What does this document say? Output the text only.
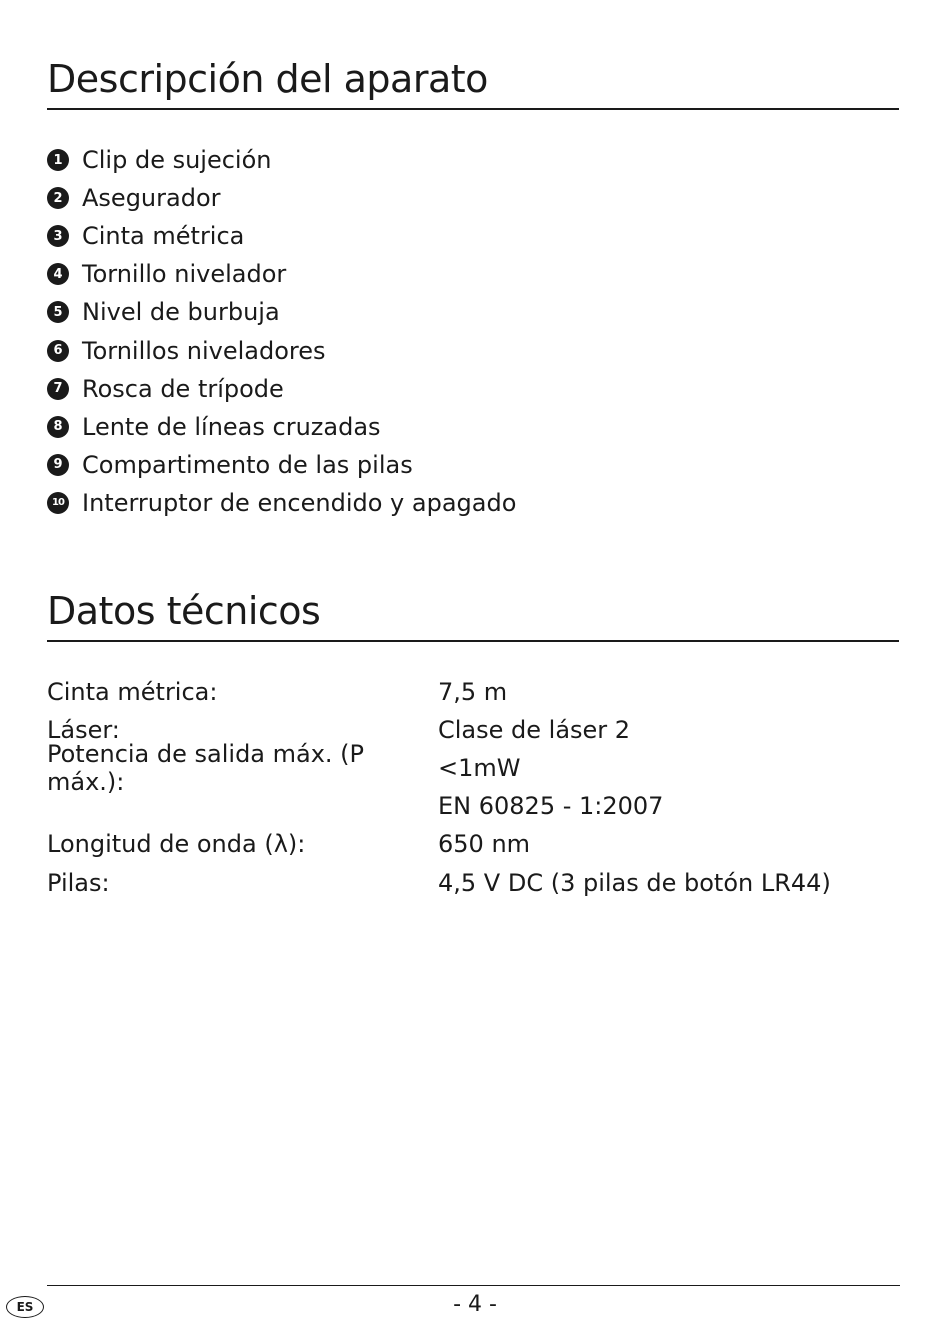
Descripción del aparato
1 Clip de sujeción
2 Asegurador
3 Cinta métrica
4 Tornillo nivelador
5 Nivel de burbuja
6 Tornillos niveladores
7 Rosca de trípode
8 Lente de líneas cruzadas
9 Compartimento de las pilas
10 Interruptor de encendido y apagado
Datos técnicos
Cinta métrica:	7,5 m
Láser:	Clase de láser 2
Potencia de salida máx. (P máx.):	<1mW
EN 60825 - 1:2007
Longitud de onda (λ):	650 nm
Pilas:	4,5 V DC (3 pilas de botón LR44)
ES	- 4 -
